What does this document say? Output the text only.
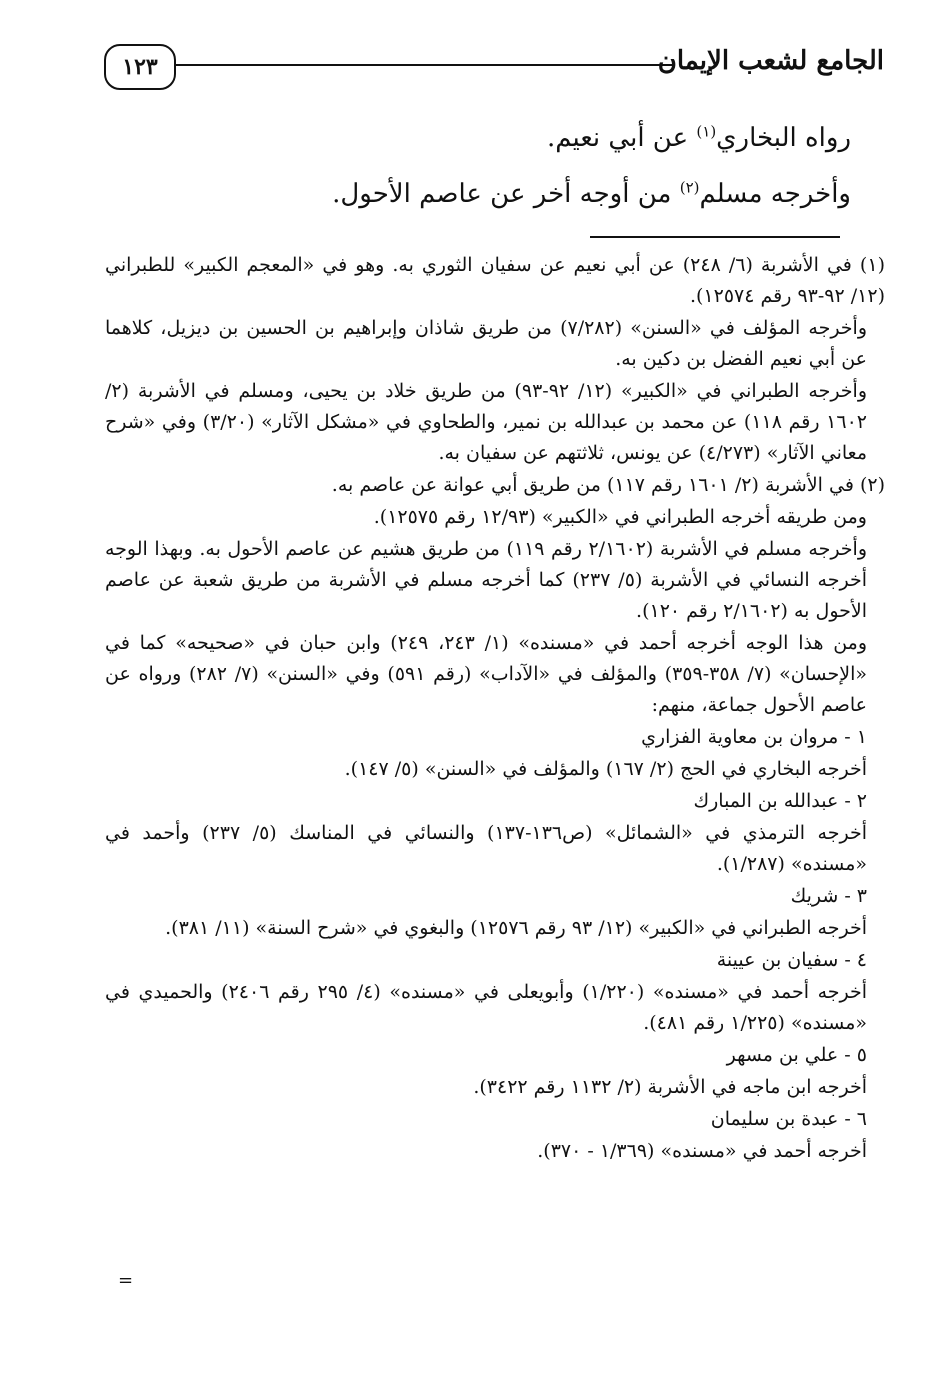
الجامع لشعب الإيمان
١٢٣

رواه البخاري$^{(١)}$ عن أبي نعيم.

وأخرجه مسلم$^{(٢)}$ من أوجه أخر عن عاصم الأحول.

(١) في الأشربة (٦/ ٢٤٨) عن أبي نعيم عن سفيان الثوري به. وهو في «المعجم الكبير» للطبراني (١٢/ ٩٢-٩٣ رقم ١٢٥٧٤).

وأخرجه المؤلف في «السنن» (٧/٢٨٢) من طريق شاذان وإبراهيم بن الحسين بن ديزيل، كلاهما عن أبي نعيم الفضل بن دكين به.

وأخرجه الطبراني في «الكبير» (١٢/ ٩٢-٩٣) من طريق خلاد بن يحيى، ومسلم في الأشربة (٢/ ١٦٠٢ رقم ١١٨) عن محمد بن عبدالله بن نمير، والطحاوي في «مشكل الآثار» (٣/٢٠) وفي «شرح معاني الآثار» (٤/٢٧٣) عن يونس، ثلاثتهم عن سفيان به.

(٢) في الأشربة (٢/ ١٦٠١ رقم ١١٧) من طريق أبي عوانة عن عاصم به.

ومن طريقه أخرجه الطبراني في «الكبير» (١٢/٩٣ رقم ١٢٥٧٥).

وأخرجه مسلم في الأشربة (٢/١٦٠٢ رقم ١١٩) من طريق هشيم عن عاصم الأحول به. وبهذا الوجه أخرجه النسائي في الأشربة (٥/ ٢٣٧) كما أخرجه مسلم في الأشربة من طريق شعبة عن عاصم الأحول به (٢/١٦٠٢ رقم ١٢٠).

ومن هذا الوجه أخرجه أحمد في «مسنده» (١/ ٢٤٣، ٢٤٩) وابن حبان في «صحيحه» كما في «الإحسان» (٧/ ٣٥٨-٣٥٩) والمؤلف في «الآداب» (رقم ٥٩١) وفي «السنن» (٧/ ٢٨٢) ورواه عن عاصم الأحول جماعة، منهم:

١ - مروان بن معاوية الفزاري

أخرجه البخاري في الحج (٢/ ١٦٧) والمؤلف في «السنن» (٥/ ١٤٧).

٢ - عبدالله بن المبارك

أخرجه الترمذي في «الشمائل» (ص١٣٦-١٣٧) والنسائي في المناسك (٥/ ٢٣٧) وأحمد في «مسنده» (١/٢٨٧).

٣ - شريك

أخرجه الطبراني في «الكبير» (١٢/ ٩٣ رقم ١٢٥٧٦) والبغوي في «شرح السنة» (١١/ ٣٨١).

٤ - سفيان بن عيينة

أخرجه أحمد في «مسنده» (١/٢٢٠) وأبويعلى في «مسنده» (٤/ ٢٩٥ رقم ٢٤٠٦) والحميدي في «مسنده» (١/٢٢٥ رقم ٤٨١).

٥ - علي بن مسهر

أخرجه ابن ماجه في الأشربة (٢/ ١١٣٢ رقم ٣٤٢٢).

٦ - عبدة بن سليمان

أخرجه أحمد في «مسنده» (١/٣٦٩ - ٣٧٠).

=
